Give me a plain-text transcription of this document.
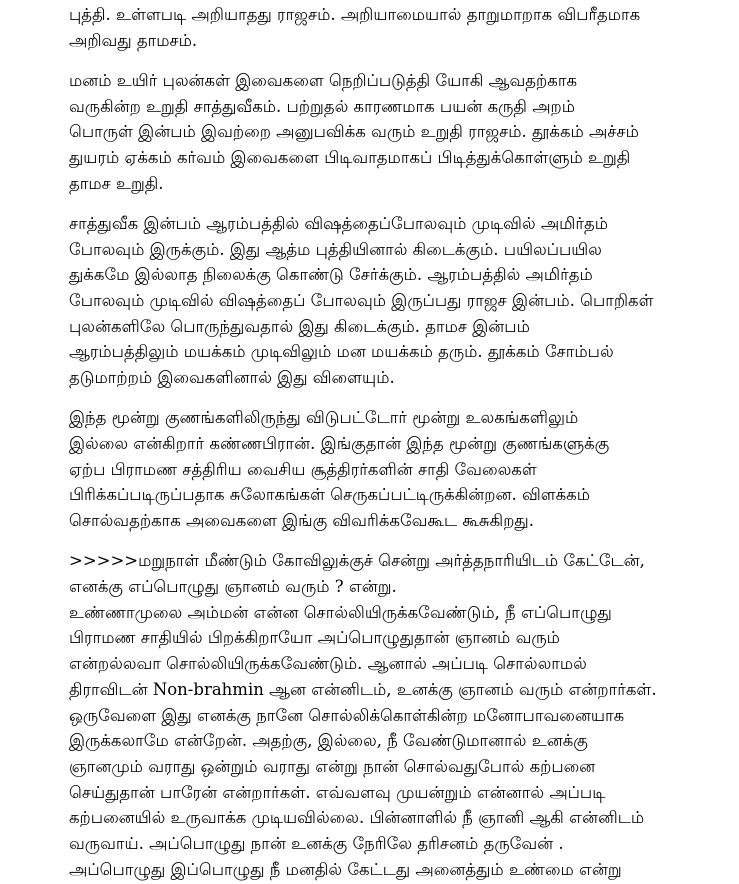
புத்தி. உள்ளபடி அறியாதது ராஜசம். அறியாமையால் தாறுமாறாக விபரீதமாக
அறிவது தாமசம்.
மனம் உயிர் புலன்கள் இவைகளை நெறிப்படுத்தி யோகி ஆவதற்காக
வருகின்ற உறுதி சாத்துவீகம். பற்றுதல் காரணமாக பயன் கருதி அறம்
பொருள் இன்பம் இவற்றை அனுபவிக்க வரும் உறுதி ராஜசம். தூக்கம் அச்சம்
துயரம் ஏக்கம் கர்வம் இவைகளை பிடிவாதமாகப் பிடித்துக்கொள்ளும் உறுதி
தாமச உறுதி.
சாத்துவீக இன்பம் ஆரம்பத்தில் விஷத்தைப்போலவும் முடிவில் அமிர்தம்
போலவும் இருக்கும். இது ஆத்ம புத்தியினால் கிடைக்கும். பயிலப்பயில
துக்கமே இல்லாத நிலைக்கு கொண்டு சேர்க்கும். ஆரம்பத்தில் அமிர்தம்
போலவும் முடிவில் விஷத்தைப் போலவும் இருப்பது ராஜச இன்பம். பொறிகள்
புலன்களிலே பொருந்துவதால் இது கிடைக்கும். தாமச இன்பம்
ஆரம்பத்திலும் மயக்கம் முடிவிலும் மன மயக்கம் தரும். தூக்கம் சோம்பல்
தடுமாற்றம் இவைகளினால் இது விளையும்.
இந்த மூன்று குணங்களிலிருந்து விடுபட்டோர் மூன்று உலகங்களிலும்
இல்லை என்கிறார் கண்ணபிரான். இங்குதான் இந்த மூன்று குணங்களுக்கு
ஏற்ப பிராமண சத்திரிய வைசிய சூத்திரர்களின் சாதி வேலைகள்
பிரிக்கப்படிருப்பதாக சுலோகங்கள் செருகப்பட்டிருக்கின்றன. விளக்கம்
சொல்வதற்காக அவைகளை இங்கு விவரிக்கவேகூட கூசுகிறது.
>>>>>மறுநாள் மீண்டும் கோவிலுக்குச் சென்று அர்த்தநாரியிடம் கேட்டேன்,
எனக்கு எப்பொழுது ஞானம் வரும் ? என்று.
உண்ணாமுலை அம்மன் என்ன சொல்லியிருக்கவேண்டும், நீ எப்பொழுது
பிராமண சாதியில் பிறக்கிறாயோ அப்பொழுதுதான் ஞானம் வரும்
என்றல்லவா சொல்லியிருக்கவேண்டும். ஆனால் அப்படி சொல்லாமல்
திராவிடன் Non-brahmin ஆன என்னிடம், உனக்கு ஞானம் வரும் என்றார்கள்.
ஒருவேளை இது எனக்கு நானே சொல்லிக்கொள்கின்ற மனோபாவனையாக
இருக்கலாமே என்றேன். அதற்கு, இல்லை, நீ வேண்டுமானால் உனக்கு
ஞானமும் வராது ஒன்றும் வராது என்று நான் சொல்வதுபோல் கற்பனை
செய்துதான் பாரேன் என்றார்கள். எவ்வளவு முயன்றும் என்னால் அப்படி
கற்பனையில் உருவாக்க முடியவில்லை. பின்னாளில் நீ ஞானி ஆகி என்னிடம்
வருவாய். அப்பொழுது நான் உனக்கு நேரிலே தரிசனம் தருவேன் .
அப்பொழுது இப்பொழுது நீ மனதில் கேட்டது அனைத்தும் உண்மை என்று
